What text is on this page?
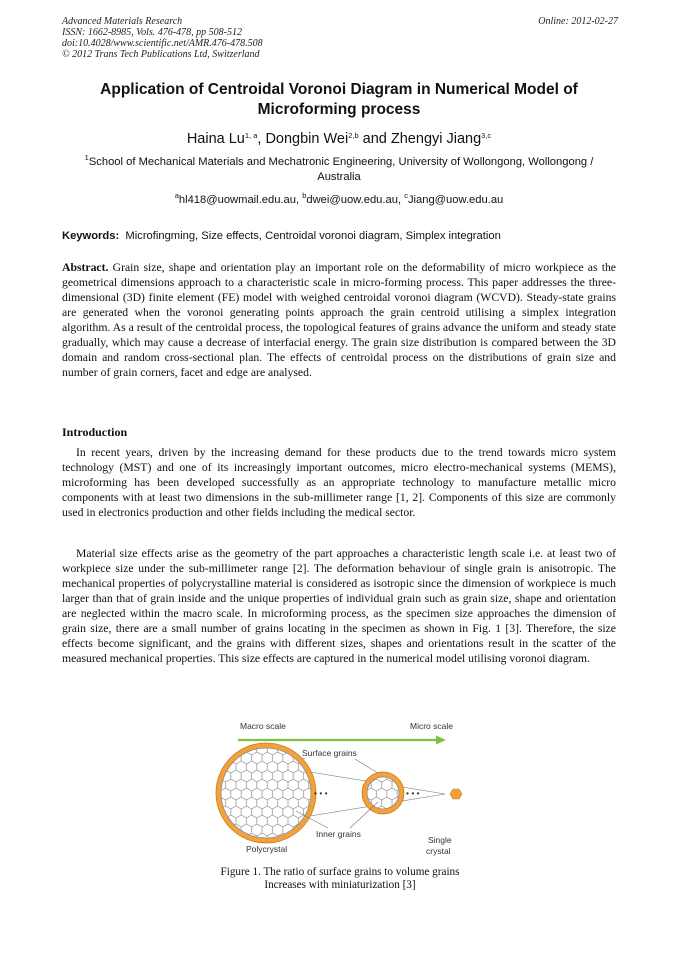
Advanced Materials Research
ISSN: 1662-8985, Vols. 476-478, pp 508-512
doi:10.4028/www.scientific.net/AMR.476-478.508
© 2012 Trans Tech Publications Ltd, Switzerland
Online: 2012-02-27
Application of Centroidal Voronoi Diagram in Numerical Model of Microforming process
Haina Lu$^{1, a}$, Dongbin Wei$^{2,b}$ and Zhengyi Jiang$^{3,c}$
$^1$School of Mechanical Materials and Mechatronic Engineering, University of Wollongong, Wollongong / Australia
$^a$hl418@uowmail.edu.au, $^b$dwei@uow.edu.au, $^c$Jiang@uow.edu.au
Keywords: Microfingming, Size effects, Centroidal voronoi diagram, Simplex integration
Abstract. Grain size, shape and orientation play an important role on the deformability of micro workpiece as the geometrical dimensions approach to a characteristic scale in micro-forming process. This paper addresses the three-dimensional (3D) finite element (FE) model with weighed centroidal voronoi diagram (WCVD). Steady-state grains are generated when the voronoi generating points approach the grain centroid utilising a simplex integration algorithm. As a result of the centroidal process, the topological features of grains advance the uniform and steady state gradually, which may cause a decrease of interfacial energy. The grain size distribution is compared between the 3D domain and random cross-sectional plan. The effects of centroidal process on the distributions of grain size and number of grain corners, facet and edge are analysed.
Introduction
In recent years, driven by the increasing demand for these products due to the trend towards micro system technology (MST) and one of its increasingly important outcomes, micro electro-mechanical systems (MEMS), microforming has been developed successfully as an appropriate technology to manufacture metallic micro components with at least two dimensions in the sub-millimeter range [1, 2]. Components of this size are commonly used in electronics production and other fields including the medical sector.
Material size effects arise as the geometry of the part approaches a characteristic length scale i.e. at least two of workpiece size under the sub-millimeter range [2]. The deformation behaviour of single grain is anisotropic. The mechanical properties of polycrystalline material is considered as isotropic since the dimension of workpiece is much larger than that of grain inside and the unique properties of individual grain such as grain size, shape and orientation are neglected within the macro scale. In microforming process, as the specimen size approaches the dimension of grain size, there are a small number of grains locating in the specimen as shown in Fig. 1 [3]. Therefore, the size effects become significant, and the grains with different sizes, shapes and orientations result in the scatter of the measured mechanical properties. This size effects are captured in the numerical model utilising voronoi diagram.
Macro scale	Micro scale
Surface grains
• • •	• • •
Inner grains
Polycrystal
Single
crystal
Figure 1. The ratio of surface grains to volume grains
Increases with miniaturization [3]
